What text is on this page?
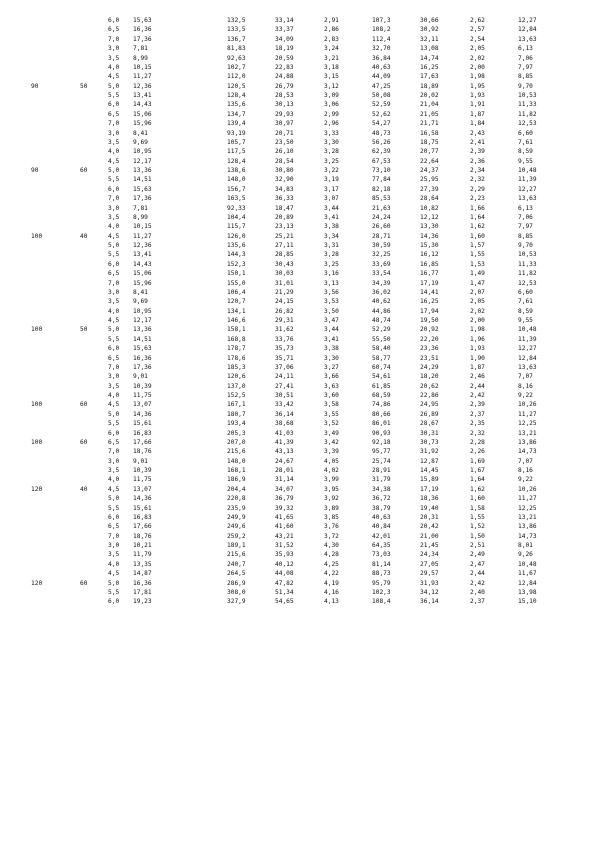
6,0 15,63	132,5	33,14	2,91	107,3	30,66	2,62	12,27
6,5 16,36	133,5	33,37	2,86	108,2	30,92	2,57	12,84
7,0 17,36	136,7	34,09	2,83	112,4	32,11	2,54	13,63
3,0 7,81	81,83	18,19	3,24	32,70	13,08	2,05	6,13
3,5 8,99	92,63	20,59	3,21	36,84	14,74	2,02	7,06
4,0 10,15	102,7	22,83	3,18	40,63	16,25	2,00	7,97
4,5 11,27	112,0	24,88	3,15	44,09	17,63	1,98	8,85
90	50	5,0 12,36	120,5	26,79	3,12	47,25	18,89	1,95	9,70
5,5 13,41	128,4	28,53	3,09	50,08	20,02	1,93	10,53
6,0 14,43	135,6	30,13	3,06	52,59	21,04	1,91	11,33
6,5 15,06	134,7	29,93	2,99	52,62	21,05	1,87	11,82
7,0 15,96	139,4	30,97	2,96	54,27	21,71	1,84	12,53
3,0 8,41	93,19	20,71	3,33	48,73	16,58	2,43	6,60
3,5 9,69	105,7	23,50	3,30	56,26	18,75	2,41	7,61
4,0 10,95	117,5	26,10	3,28	62,39	20,77	2,39	8,59
4,5 12,17	128,4	28,54	3,25	67,53	22,64	2,36	9,55
90	60	5,0 13,36	138,6	30,80	3,22	73,10	24,37	2,34	10,48
5,5 14,51	148,0	32,90	3,19	77,84	25,95	2,32	11,39
6,0 15,63	156,7	34,83	3,17	82,18	27,39	2,29	12,27
7,0 17,36	163,5	36,33	3,07	85,53	28,64	2,23	13,63
3,0 7,81	92,33	18,47	3,44	21,63	10,82	1,66	6,13
3,5 8,99	104,4	20,89	3,41	24,24	12,12	1,64	7,06
4,0 10,15	115,7	23,13	3,38	26,60	13,30	1,62	7,97
100	40	4,5 11,27	126,0	25,21	3,34	28,71	14,36	1,60	8,85
5,0 12,36	135,6	27,11	3,31	30,59	15,30	1,57	9,70
5,5 13,41	144,3	28,85	3,28	32,25	16,12	1,55	10,53
6,0 14,43	152,3	30,43	3,25	33,69	16,85	1,53	11,33
6,5 15,06	150,1	30,03	3,16	33,54	16,77	1,49	11,82
7,0 15,96	155,0	31,01	3,13	34,39	17,19	1,47	12,53
3,0 8,41	106,4	21,29	3,56	36,02	14,41	2,07	6,60
3,5 9,69	120,7	24,15	3,53	40,62	16,25	2,05	7,61
4,0 10,95	134,1	26,82	3,50	44,86	17,94	2,02	8,59
4,5 12,17	146,6	29,31	3,47	48,74	19,50	2,00	9,55
100	50	5,0 13,36	158,1	31,62	3,44	52,29	20,92	1,98	10,48
5,5 14,51	168,8	33,76	3,41	55,50	22,20	1,96	11,39
6,0 15,63	178,7	35,73	3,38	58,40	23,36	1,93	12,27
6,5 16,36	178,6	35,71	3,30	58,77	23,51	1,90	12,84
7,0 17,36	185,3	37,06	3,27	60,74	24,29	1,87	13,63
3,0 9,01	120,6	24,11	3,66	54,61	18,20	2,46	7,07
3,5 10,39	137,0	27,41	3,63	61,85	20,62	2,44	8,16
4,0 11,75	152,5	30,51	3,60	68,59	22,86	2,42	9,22
100	60	4,5 13,07	167,1	33,42	3,58	74,86	24,95	2,39	10,26
5,0 14,36	180,7	36,14	3,55	80,66	26,89	2,37	11,27
5,5 15,61	193,4	38,68	3,52	86,01	28,67	2,35	12,25
6,0 16,83	205,3	41,03	3,49	90,93	30,31	2,32	13,21
100	60	6,5 17,66	207,0	41,39	3,42	92,18	30,73	2,28	13,86
7,0 18,76	215,6	43,13	3,39	95,77	31,92	2,26	14,73
3,0 9,01	148,0	24,67	4,05	25,74	12,87	1,69	7,07
3,5 10,39	168,1	28,01	4,02	28,91	14,45	1,67	8,16
4,0 11,75	186,9	31,14	3,99	31,79	15,89	1,64	9,22
120	40	4,5 13,07	204,4	34,07	3,95	34,38	17,19	1,62	10,26
5,0 14,36	220,8	36,79	3,92	36,72	18,36	1,60	11,27
5,5 15,61	235,9	39,32	3,89	38,79	19,40	1,58	12,25
6,0 16,83	249,9	41,65	3,85	40,63	20,31	1,55	13,21
6,5 17,66	249,6	41,60	3,76	40,84	20,42	1,52	13,86
7,0 18,76	259,2	43,21	3,72	42,01	21,00	1,50	14,73
3,0 10,21	189,1	31,52	4,30	64,35	21,45	2,51	8,01
3,5 11,79	215,6	35,93	4,28	73,03	24,34	2,49	9,26
4,0 13,35	240,7	40,12	4,25	81,14	27,05	2,47	10,48
4,5 14,87	264,5	44,08	4,22	88,73	29,57	2,44	11,67
120	60	5,0 16,36	286,9	47,82	4,19	95,79	31,93	2,42	12,84
5,5 17,81	308,0	51,34	4,16	102,3	34,12	2,40	13,98
6,0 19,23	327,9	54,65	4,13	108,4	36,14	2,37	15,10
